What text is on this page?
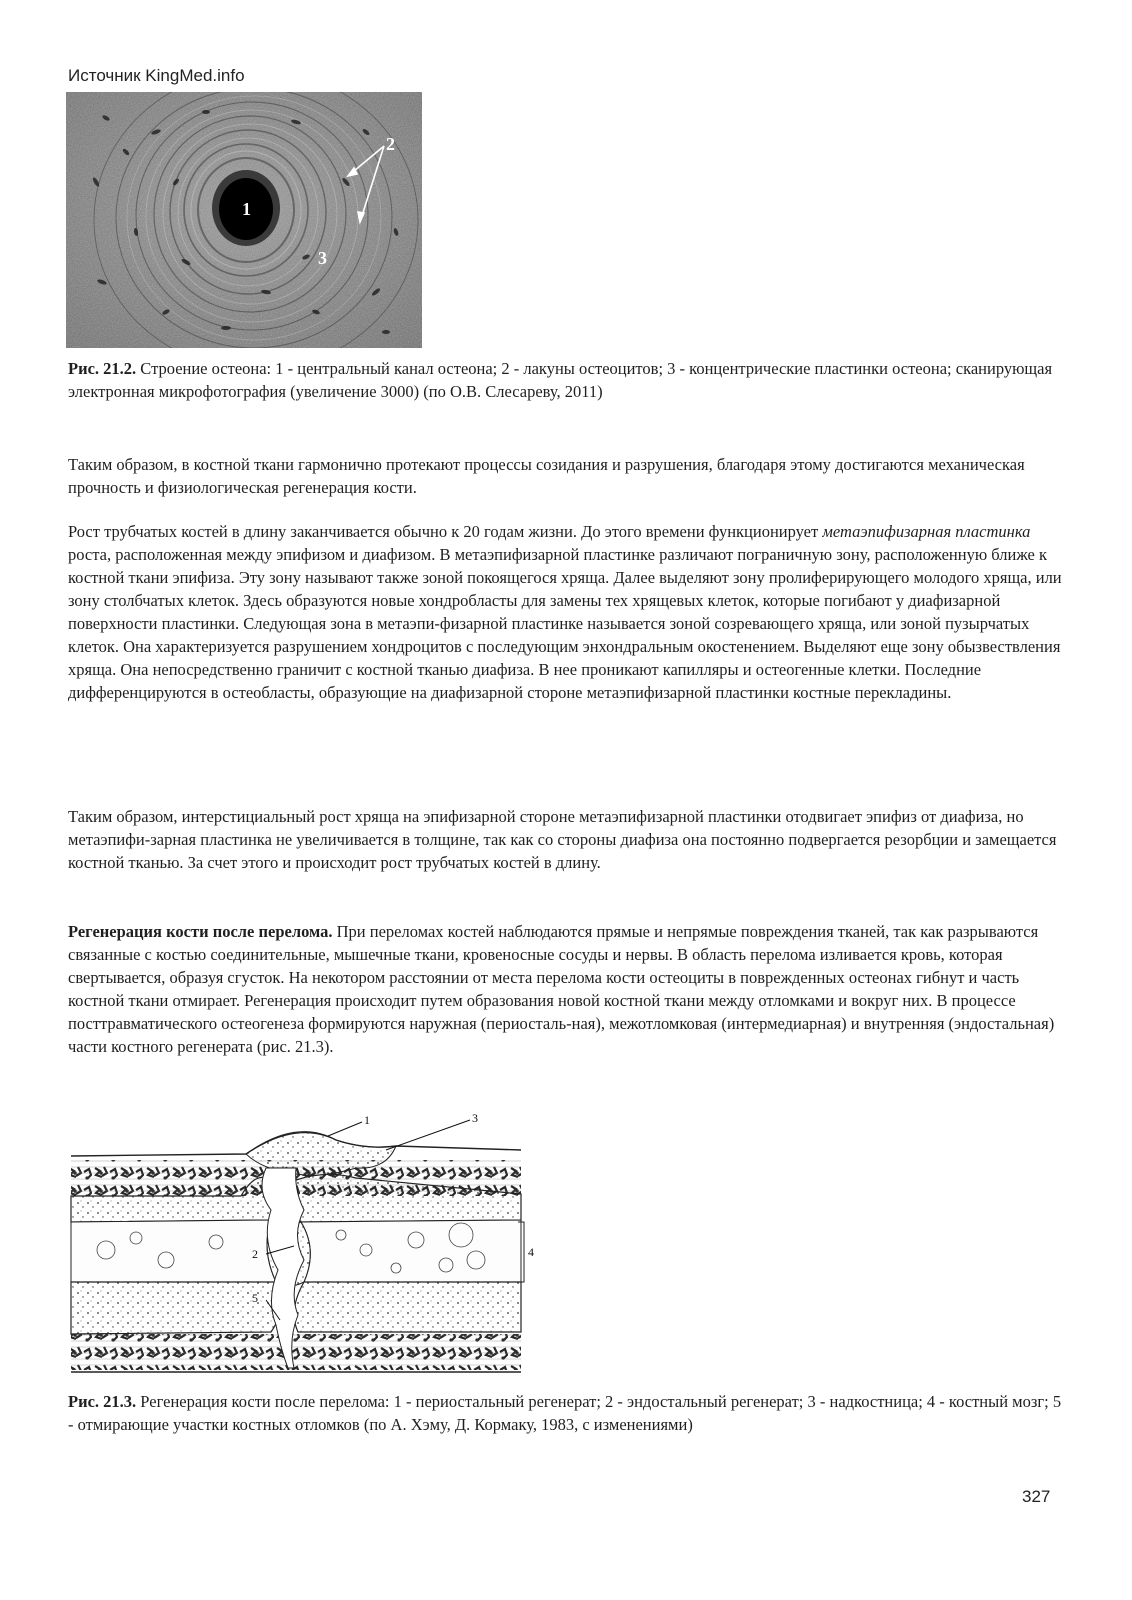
Источник KingMed.info
1
2
3

Рис. 21.2. Строение остеона: 1 - центральный канал остеона; 2 - лакуны остеоцитов; 3 - концентрические пластинки остеона; сканирующая электронная микрофотография (увеличение 3000) (по О.В. Слесареву, 2011)

Таким образом, в костной ткани гармонично протекают процессы созидания и разрушения, благодаря этому достигаются механическая прочность и физиологическая регенерация кости.

Рост трубчатых костей в длину заканчивается обычно к 20 годам жизни. До этого времени функционирует метаэпифизарная пластинка роста, расположенная между эпифизом и диафизом. В метаэпифизарной пластинке различают пограничную зону, расположенную ближе к костной ткани эпифиза. Эту зону называют также зоной покоящегося хряща. Далее выделяют зону пролиферирующего молодого хряща, или зону столбчатых клеток. Здесь образуются новые хондробласты для замены тех хрящевых клеток, которые погибают у диафизарной поверхности пластинки. Следующая зона в метаэпи-физарной пластинке называется зоной созревающего хряща, или зоной пузырчатых клеток. Она характеризуется разрушением хондроцитов с последующим энхондральным окостенением. Выделяют еще зону обызвествления хряща. Она непосредственно граничит с костной тканью диафиза. В нее проникают капилляры и остеогенные клетки. Последние дифференцируются в остеобласты, образующие на диафизарной стороне метаэпифизарной пластинки костные перекладины.

Таким образом, интерстициальный рост хряща на эпифизарной стороне метаэпифизарной пластинки отодвигает эпифиз от диафиза, но метаэпифи-зарная пластинка не увеличивается в толщине, так как со стороны диафиза она постоянно подвергается резорбции и замещается костной тканью. За счет этого и происходит рост трубчатых костей в длину.

Регенерация кости после перелома. При переломах костей наблюдаются прямые и непрямые повреждения тканей, так как разрываются связанные с костью соединительные, мышечные ткани, кровеносные сосуды и нервы. В область перелома изливается кровь, которая свертывается, образуя сгусток. На некотором расстоянии от места перелома кости остеоциты в поврежденных остеонах гибнут и часть костной ткани отмирает. Регенерация происходит путем образования новой костной ткани между отломками и вокруг них. В процессе посттравматического остеогенеза формируются наружная (периосталь-ная), межотломковая (интермедиарная) и внутренняя (эндостальная) части костного регенерата (рис. 21.3).

1
2
3
4
5

Рис. 21.3. Регенерация кости после перелома: 1 - периостальный регенерат; 2 - эндостальный регенерат; 3 - надкостница; 4 - костный мозг; 5 - отмирающие участки костных отломков (по А. Хэму, Д. Кормаку, 1983, с изменениями)

327
